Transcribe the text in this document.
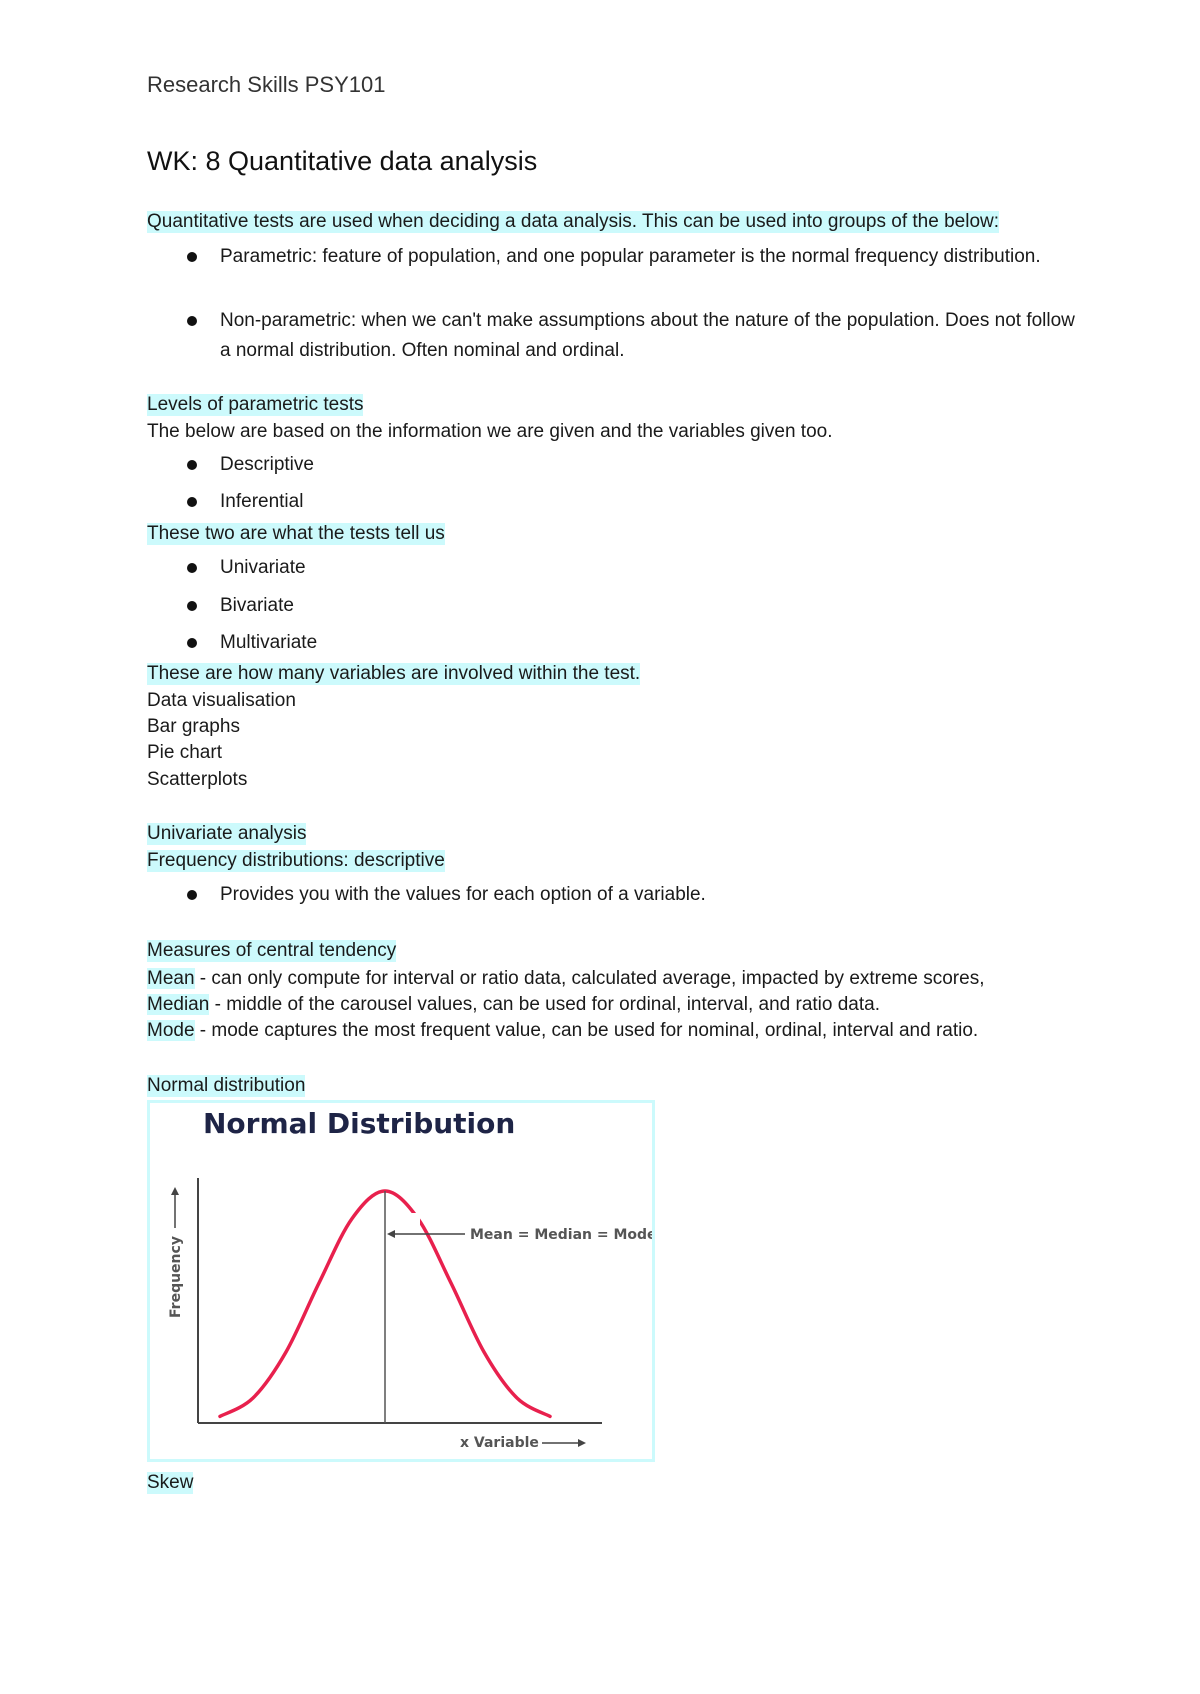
Research Skills PSY101
WK: 8 Quantitative data analysis
Quantitative tests are used when deciding a data analysis. This can be used into groups of the below:
Parametric: feature of population, and one popular parameter is the normal frequency distribution.
Non-parametric: when we can't make assumptions about the nature of the population. Does not follow a normal distribution. Often nominal and ordinal.
Levels of parametric tests
The below are based on the information we are given and the variables given too.
Descriptive
Inferential
These two are what the tests tell us
Univariate
Bivariate
Multivariate
These are how many variables are involved within the test.
Data visualisation
Bar graphs
Pie chart
Scatterplots
Univariate analysis
Frequency distributions: descriptive
Provides you with the values for each option of a variable.
Measures of central tendency
Mean - can only compute for interval or ratio data, calculated average, impacted by extreme scores,
Median - middle of the carousel values, can be used for ordinal, interval, and ratio data.
Mode - mode captures the most frequent value, can be used for nominal, ordinal, interval and ratio.
Normal distribution
Normal Distribution
Frequency
x Variable
Mean = Median = Mode
Skew
